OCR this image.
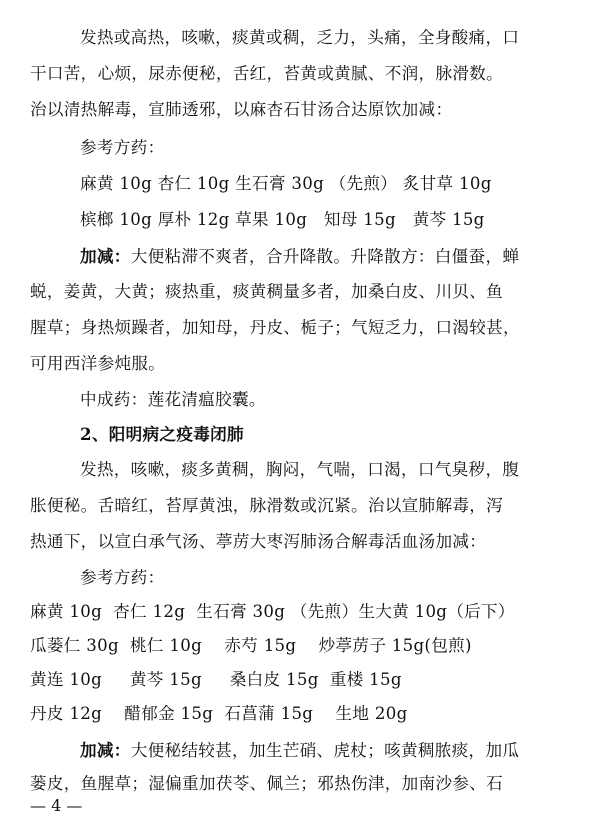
发热或高热，咳嗽，痰黄或稠，乏力，头痛，全身酸痛，口
干口苦，心烦，尿赤便秘，舌红，苔黄或黄腻、不润，脉滑数。
治以清热解毒，宣肺透邪，以麻杏石甘汤合达原饮加减：
参考方药：
麻黄 10g 杏仁 10g 生石膏 30g （先煎） 炙甘草 10g
槟榔 10g 厚朴 12g 草果 10g   知母 15g   黄芩 15g
加减：大便粘滞不爽者，合升降散。升降散方：白僵蚕，蝉
蜕，姜黄，大黄；痰热重，痰黄稠量多者，加桑白皮、川贝、鱼
腥草；身热烦躁者，加知母，丹皮、栀子；气短乏力，口渴较甚，
可用西洋参炖服。
中成药：莲花清瘟胶囊。
2、阳明病之疫毒闭肺
发热，咳嗽，痰多黄稠，胸闷，气喘，口渴，口气臭秽，腹
胀便秘。舌暗红，苔厚黄浊，脉滑数或沉紧。治以宣肺解毒，泻
热通下，以宣白承气汤、葶苈大枣泻肺汤合解毒活血汤加减：
参考方药：
麻黄 10g  杏仁 12g  生石膏 30g （先煎）生大黄 10g（后下）
瓜蒌仁 30g  桃仁 10g    赤芍 15g    炒葶苈子 15g(包煎)
黄连 10g     黄芩 15g     桑白皮 15g  重楼 15g
丹皮 12g    醋郁金 15g  石菖蒲 15g    生地 20g
加减：大便秘结较甚，加生芒硝、虎杖；咳黄稠脓痰，加瓜
蒌皮，鱼腥草；湿偏重加茯苓、佩兰；邪热伤津，加南沙参、石
— 4 —
